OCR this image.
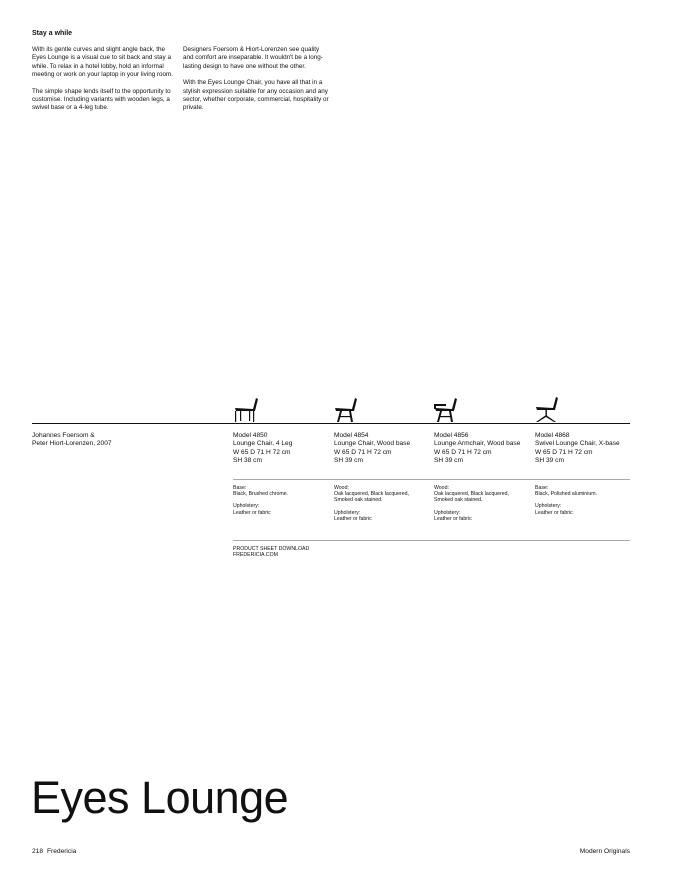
Stay a while

With its gentle curves and slight angle back, the Eyes Lounge is a visual cue to sit back and stay a while. To relax in a hotel lobby, hold an informal meeting or work on your laptop in your living room.

The simple shape lends itself to the opportunity to customise. Including variants with wooden legs, a swivel base or a 4-leg tube.

Designers Foersom & Hiort-Lorenzen see quality and comfort are inseparable. It wouldn't be a long-lasting design to have one without the other.

With the Eyes Lounge Chair, you have all that in a stylish expression suitable for any occasion and any sector, whether corporate, commercial, hospitality or private.

Johannes Foersom &
Peter Hiort-Lorenzen, 2007
Model 4850
Lounge Chair, 4 Leg
W 65 D 71 H 72 cm
SH 38 cm
Model 4854
Lounge Chair, Wood base
W 65 D 71 H 72 cm
SH 39 cm
Model 4856
Lounge Armchair, Wood base
W 65 D 71 H 72 cm
SH 39 cm
Model 4868
Swivel Lounge Chair, X-base
W 65 D 71 H 72 cm
SH 39 cm
Base:
Black, Brushed chrome.
Upholstery:
Leather or fabric
Wood:
Oak lacquered, Black lacquered, Smoked oak stained.
Upholstery:
Leather or fabric
Wood:
Oak lacquered, Black lacquered, Smoked oak stained.
Upholstery:
Leather or fabric
Base:
Black, Polished aluminium.
Upholstery:
Leather or fabric
PRODUCT SHEET DOWNLOAD
FREDERICIA.COM
Eyes Lounge
218 Fredericia	Modern Originals
